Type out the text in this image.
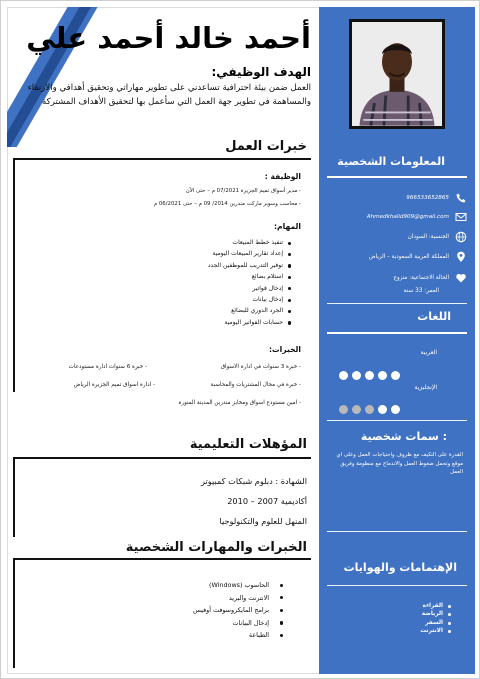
المعلومات الشخصية
966533652865
Ahmedkhalid909@gmail.com
الجنسية: السودان
المملكة العربية السعودية – الرياض
الحالة الاجتماعية: متزوج
العمر: 33 سنة
اللغات
العربية
الإنجليزية
سمات شخصية :
القدرة على التكيف مع ظروف واحتياجات العمل وعلى اي موقع وتحمل ضغوط العمل والاندماج مع منظومة وفريق العمل
الإهتمامات والهوايات
القراءة
الرياضة
السفر
الانترنت
أحمد خالد أحمد علي
الهدف الوظيفي:
العمل ضمن بيئة احترافية تساعدني على تطوير مهاراتي وتحقيق أهدافي والارتقاء والمساهمة في تطوير جهة العمل التي سأعمل بها لتحقيق الأهداف المشتركة
خبرات العمل
الوظيفة :
- مدير أسواق تميم الجزيرة 07/2021 م – حتى الآن
- محاسب وسوبر ماركت مندرين 2014/ 09 م – حتى 06/2021 م
المهام:
تنفيذ خطط المبيعات
إعداد تقارير المبيعات اليومية
توفير التدريب للموظفين الجدد
استلام بضائع
إدخال فواتير
إدخال بيانات
الجرد الدوري للبضائع
حسابات الفواتير اليومية
الخبرات:
- خبرة 3 سنوات في ادارة الاسواق
- خبرة 6 سنوات ادارة مستودعات
- خبرة في مجال المشتريات والمحاسبة
- ادارة اسواق تميم الجزيرة الرياض
- امين مستودع اسواق ومخابز مندرين المدينة المنورة
المؤهلات التعليمية
الشهادة : دبلوم شبكات كمبيوتر
أكاديمية 2007 – 2010
المنهل للعلوم والتكنولوجيا
الخبرات والمهارات الشخصية
الحاسوب (Windows)
الانترنت والبريد
برامج المايكروسوفت أوفيس
إدخال البيانات
الطباعة
